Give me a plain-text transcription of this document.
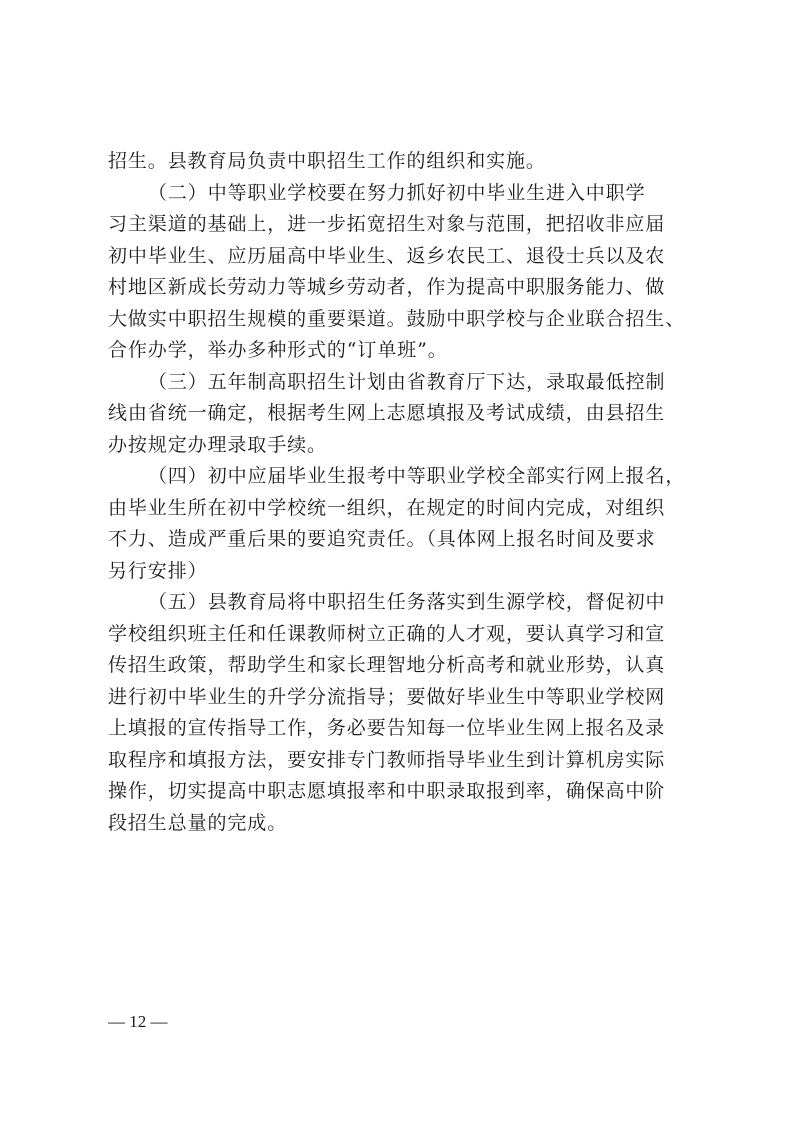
招生。县教育局负责中职招生工作的组织和实施。
（二）中等职业学校要在努力抓好初中毕业生进入中职学
习主渠道的基础上，进一步拓宽招生对象与范围，把招收非应届
初中毕业生、应历届高中毕业生、返乡农民工、退役士兵以及农
村地区新成长劳动力等城乡劳动者，作为提高中职服务能力、做
大做实中职招生规模的重要渠道。鼓励中职学校与企业联合招生、
合作办学，举办多种形式的“订单班”。
（三）五年制高职招生计划由省教育厅下达，录取最低控制
线由省统一确定，根据考生网上志愿填报及考试成绩，由县招生
办按规定办理录取手续。
（四）初中应届毕业生报考中等职业学校全部实行网上报名，
由毕业生所在初中学校统一组织，在规定的时间内完成，对组织
不力、造成严重后果的要追究责任。（具体网上报名时间及要求
另行安排）
（五）县教育局将中职招生任务落实到生源学校，督促初中
学校组织班主任和任课教师树立正确的人才观，要认真学习和宣
传招生政策，帮助学生和家长理智地分析高考和就业形势，认真
进行初中毕业生的升学分流指导；要做好毕业生中等职业学校网
上填报的宣传指导工作，务必要告知每一位毕业生网上报名及录
取程序和填报方法，要安排专门教师指导毕业生到计算机房实际
操作，切实提高中职志愿填报率和中职录取报到率，确保高中阶
段招生总量的完成。
— 12 —
